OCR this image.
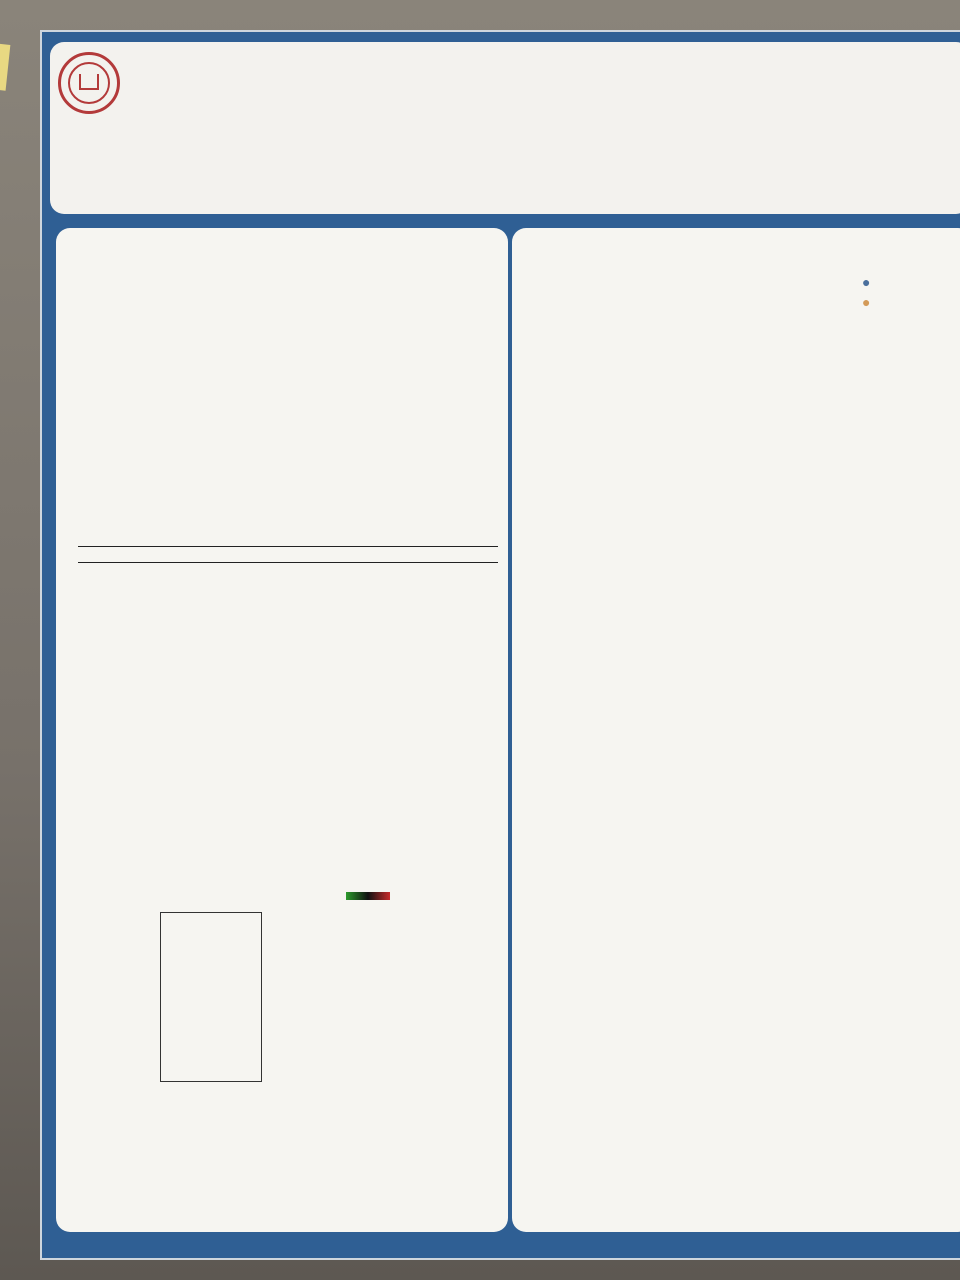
●
●
